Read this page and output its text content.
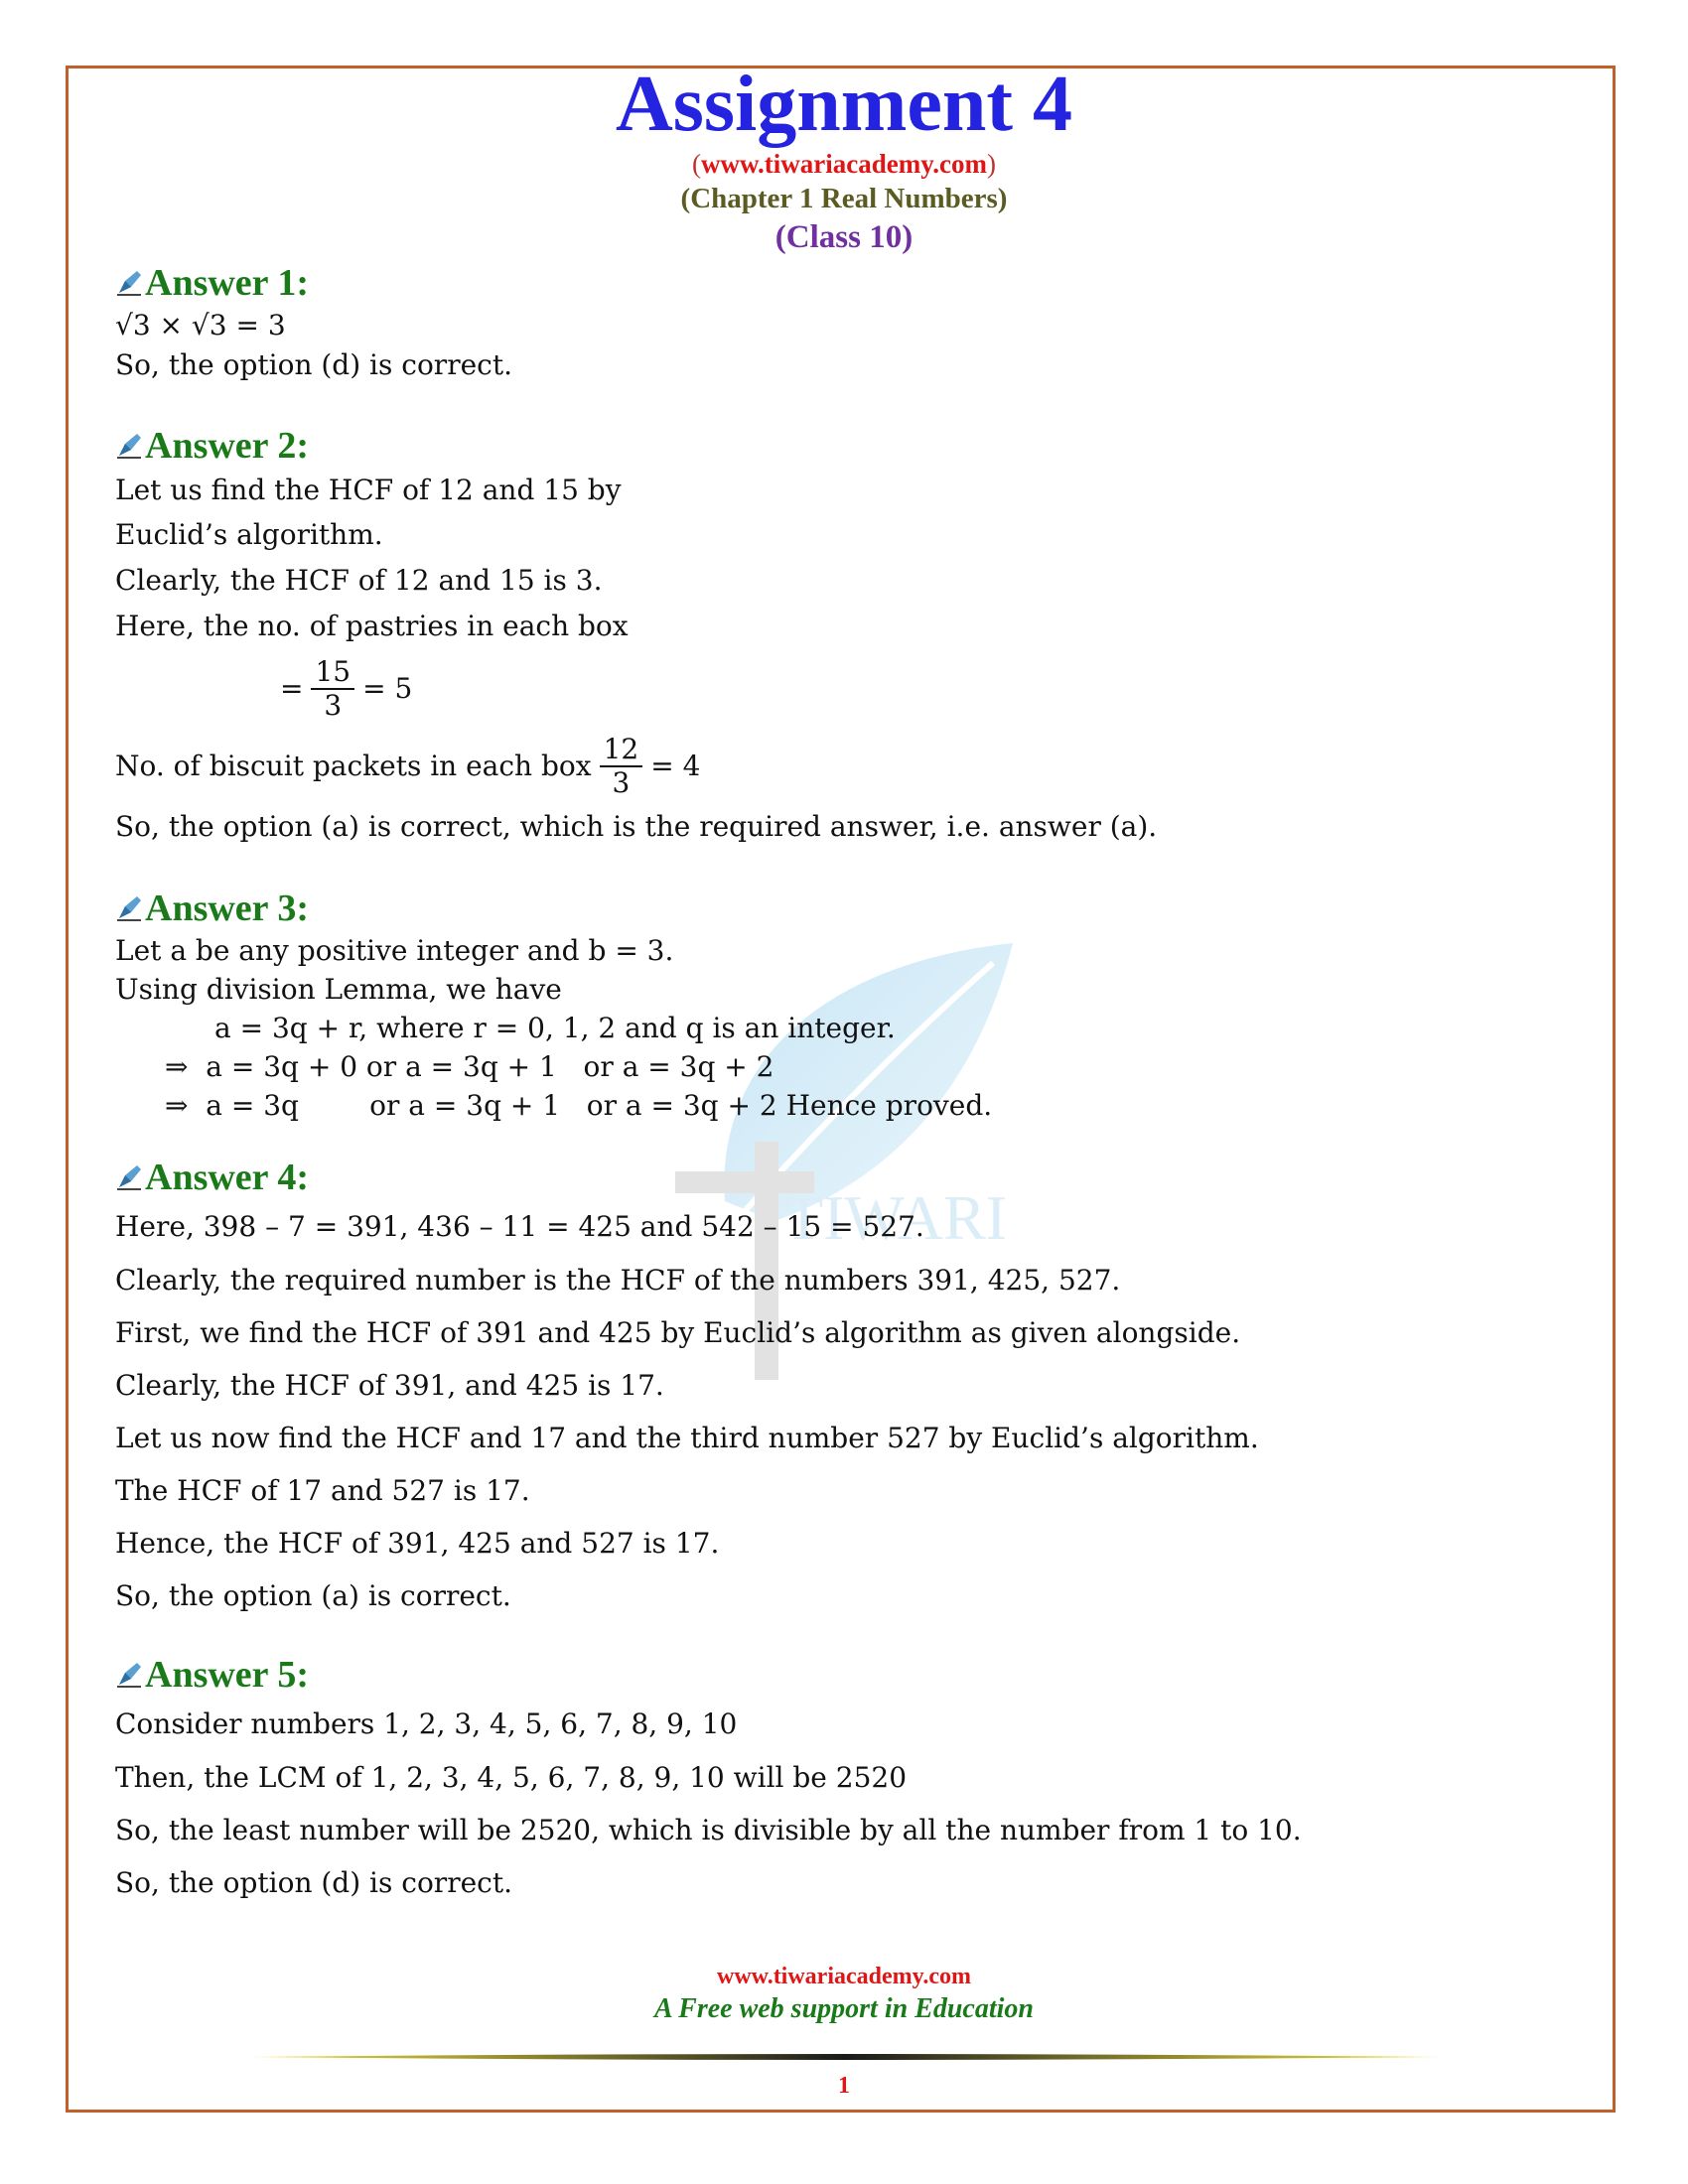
TIWARI
Assignment 4
(www.tiwariacademy.com)
(Chapter 1 Real Numbers)
(Class 10)
Answer 1:
√3 × √3 = 3
So, the option (d) is correct.
Answer 2:
Let us find the HCF of 12 and 15 by
Euclid’s algorithm.
Clearly, the HCF of 12 and 15 is 3.
Here, the no. of pastries in each box
= $\frac{15}{3} = 5$
No. of biscuit packets in each box $\frac{12}{3} = 4$
So, the option (a) is correct, which is the required answer, i.e. answer (a).
Answer 3:
Let a be any positive integer and b = 3.
Using division Lemma, we have
a = 3q + r, where r = 0, 1, 2 and q is an integer.
⇒  a = 3q + 0 or a = 3q + 1   or a = 3q + 2
⇒  a = 3q        or a = 3q + 1   or a = 3q + 2 Hence proved.
Answer 4:
Here, 398 – 7 = 391, 436 – 11 = 425 and 542 – 15 = 527.
Clearly, the required number is the HCF of the numbers 391, 425, 527.
First, we find the HCF of 391 and 425 by Euclid’s algorithm as given alongside.
Clearly, the HCF of 391, and 425 is 17.
Let us now find the HCF and 17 and the third number 527 by Euclid’s algorithm.
The HCF of 17 and 527 is 17.
Hence, the HCF of 391, 425 and 527 is 17.
So, the option (a) is correct.
Answer 5:
Consider numbers 1, 2, 3, 4, 5, 6, 7, 8, 9, 10
Then, the LCM of 1, 2, 3, 4, 5, 6, 7, 8, 9, 10 will be 2520
So, the least number will be 2520, which is divisible by all the number from 1 to 10.
So, the option (d) is correct.
www.tiwariacademy.com
A Free web support in Education
1
